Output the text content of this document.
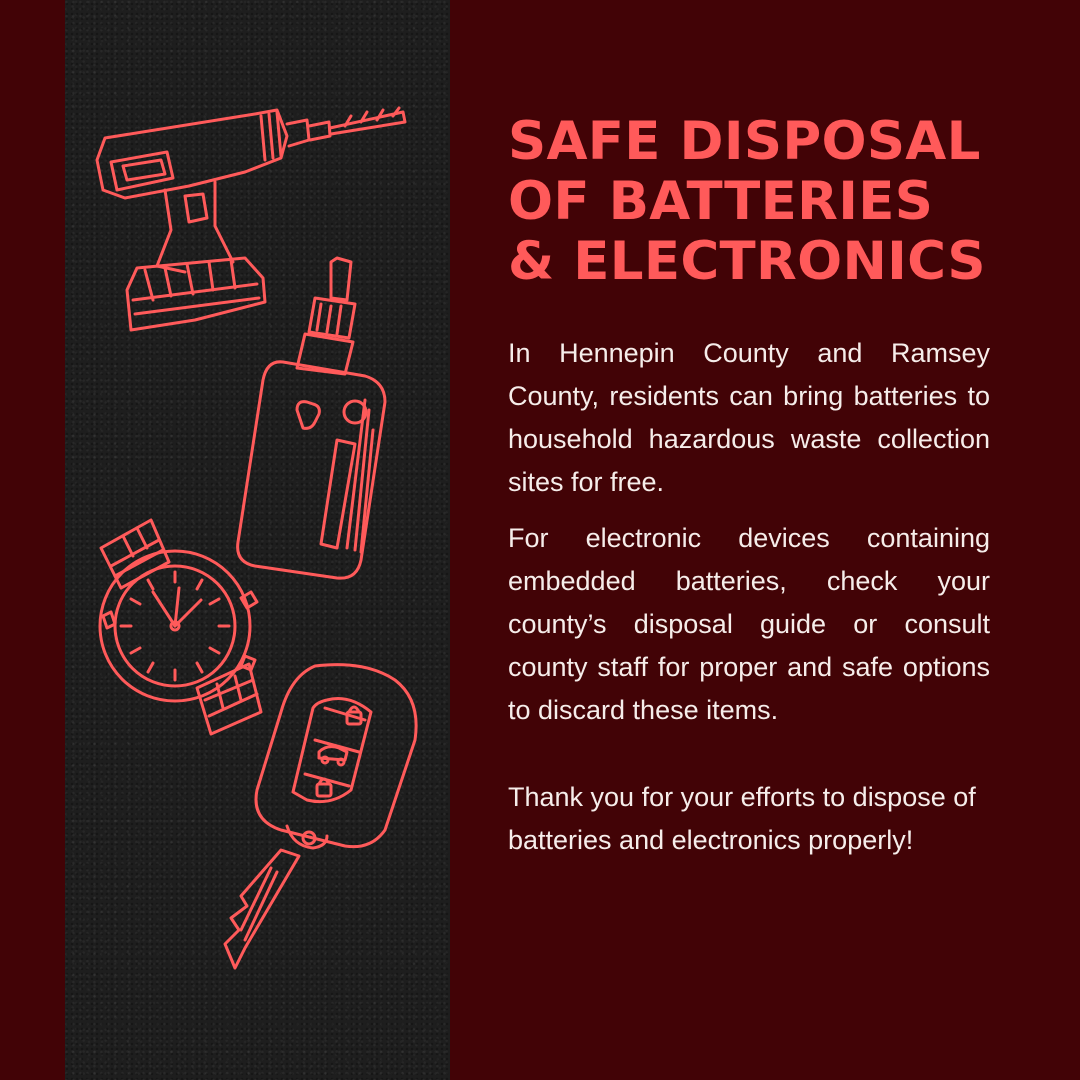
SAFE DISPOSAL
OF BATTERIES
& ELECTRONICS

In Hennepin County and Ramsey County, residents can bring batteries to household hazardous waste collection sites for free.

For electronic devices containing embedded batteries, check your county’s disposal guide or consult county staff for proper and safe options to discard these items.

Thank you for your efforts to dispose of batteries and electronics properly!
